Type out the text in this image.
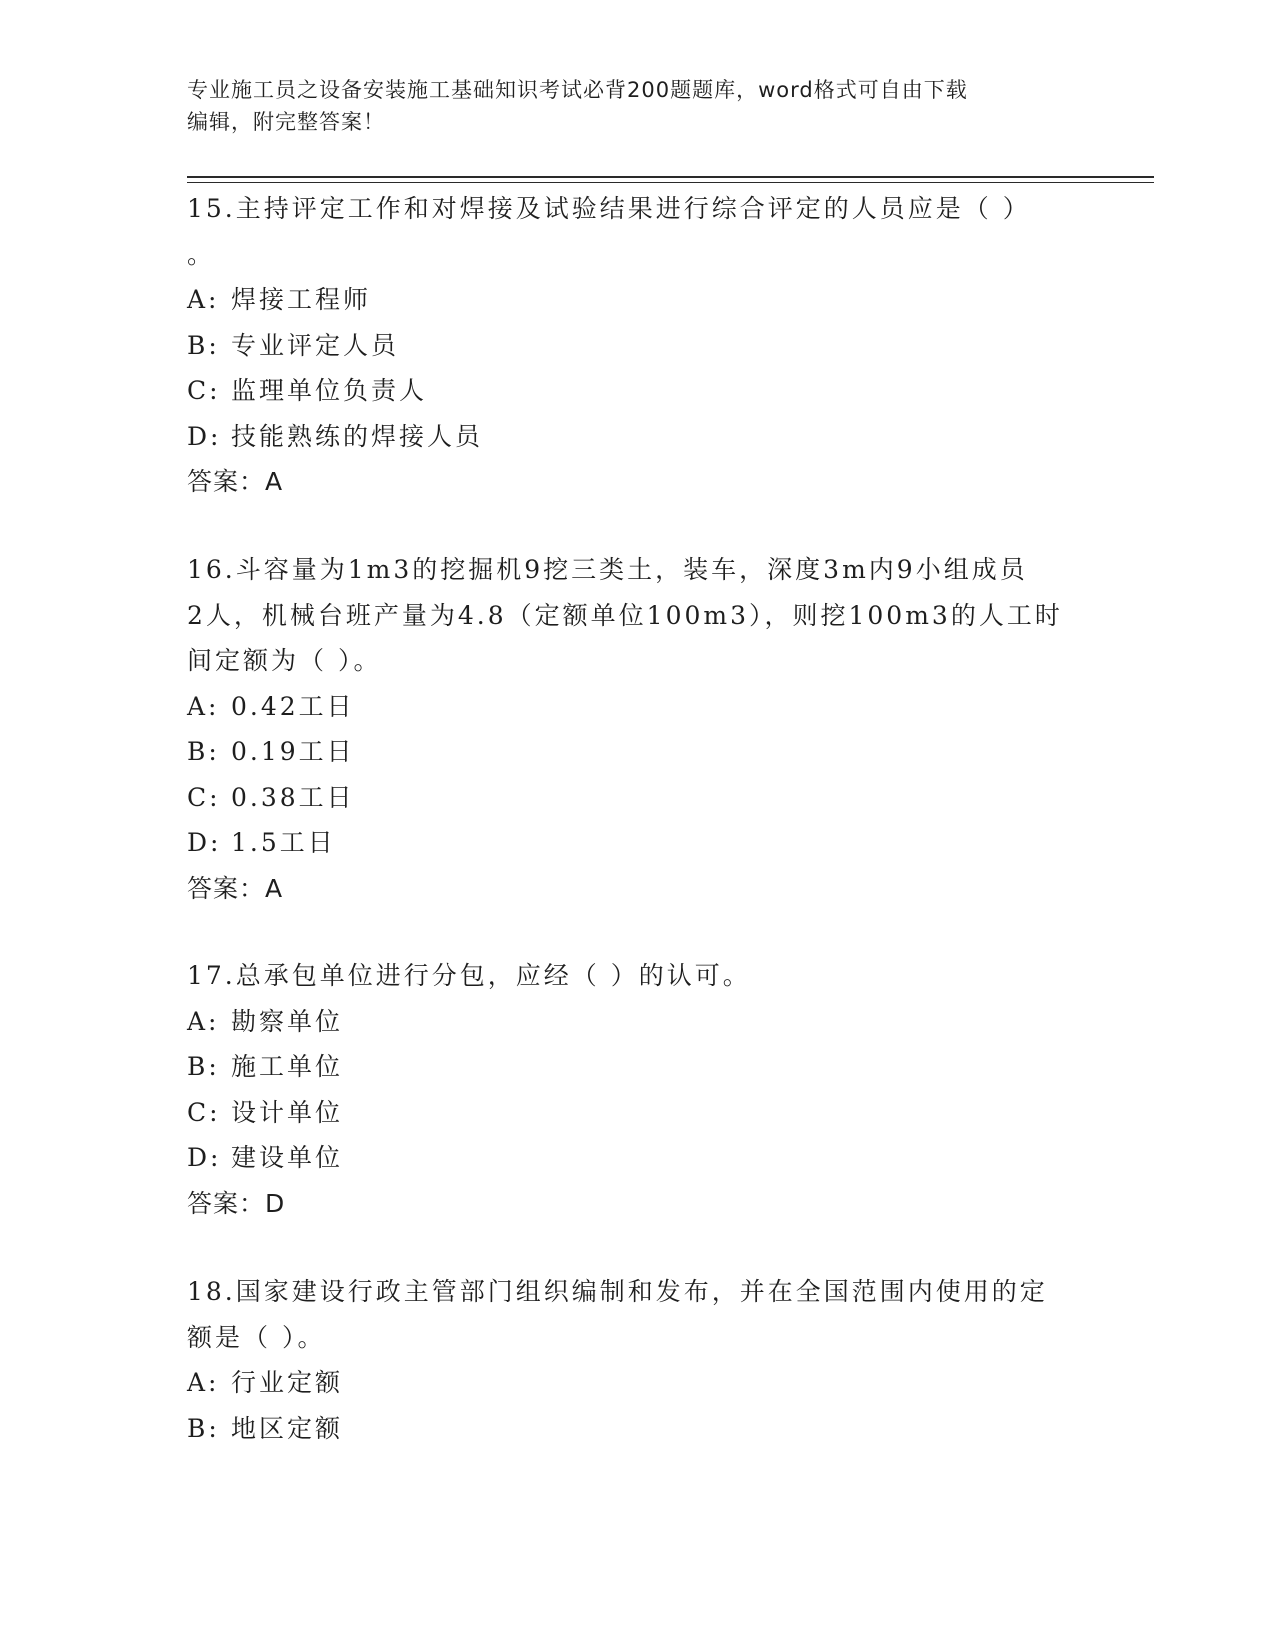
专业施工员之设备安装施工基础知识考试必背200题题库，word格式可自由下载
编辑，附完整答案！
15.主持评定工作和对焊接及试验结果进行综合评定的人员应是（ ）
。
A: 焊接工程师
B: 专业评定人员
C: 监理单位负责人
D: 技能熟练的焊接人员
答案：A
16.斗容量为1m3的挖掘机9挖三类土，装车，深度3m内9小组成员
2人，机械台班产量为4.8（定额单位100m3），则挖100m3的人工时
间定额为（ ）。
A: 0.42工日
B: 0.19工日
C: 0.38工日
D: 1.5工日
答案：A
17.总承包单位进行分包，应经（ ）的认可。
A: 勘察单位
B: 施工单位
C: 设计单位
D: 建设单位
答案：D
18.国家建设行政主管部门组织编制和发布，并在全国范围内使用的定
额是（ ）。
A: 行业定额
B: 地区定额
